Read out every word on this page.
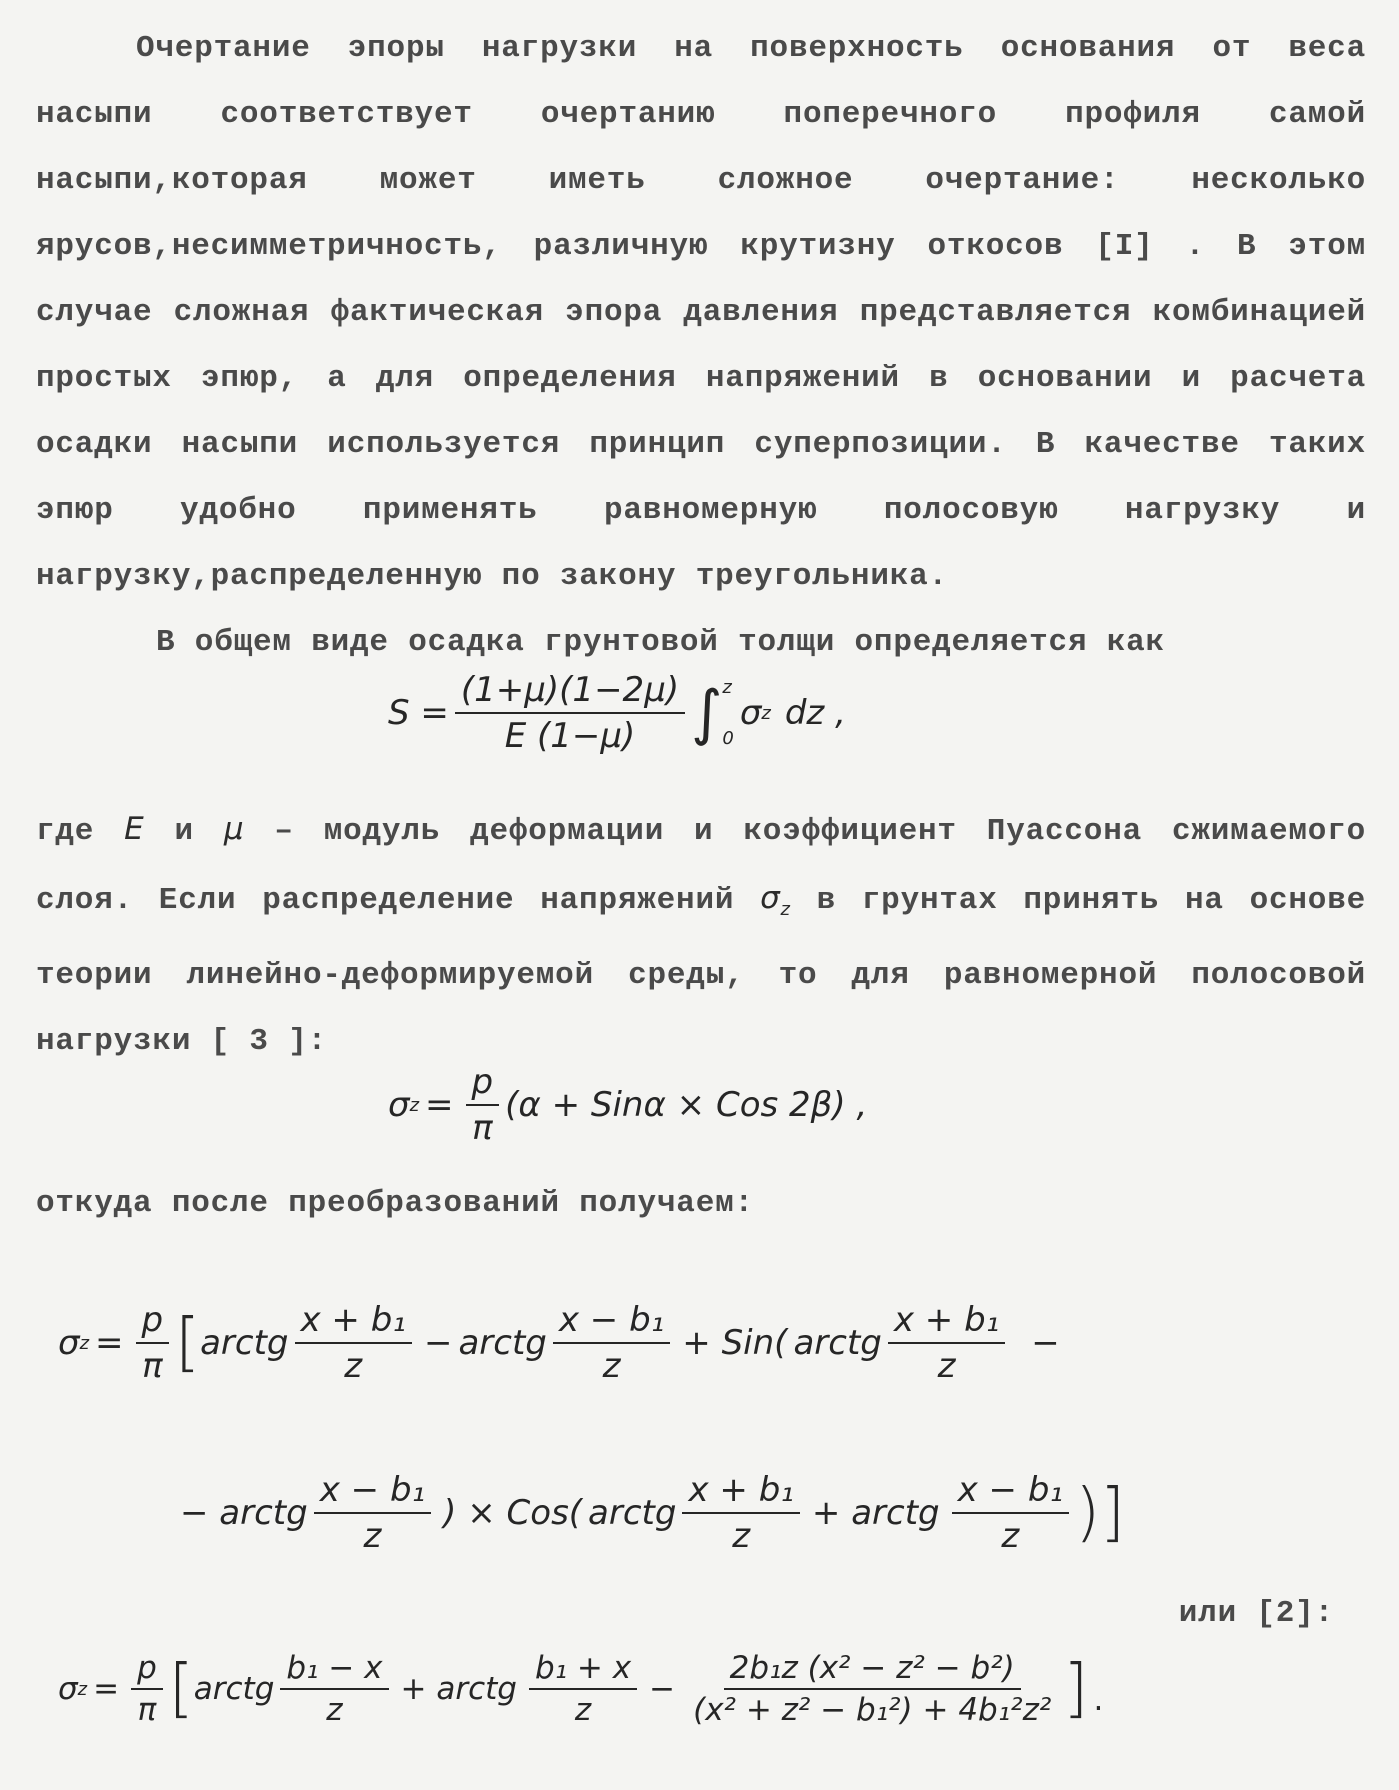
Очертание эпоры нагрузки на поверхность основания от веса насыпи соответствует очертанию поперечного профиля самой насыпи,которая может иметь сложное очертание: несколько ярусов,несимметричность, различную крутизну откосов [I] . В этом случае сложная фактическая эпора давления представляется комбинацией простых эпюр, а для определения напряжений в основании и расчета осадки насыпи используется принцип суперпозиции. В качестве таких эпюр удобно применять равномерную полосовую нагрузку и нагрузку,распределенную по закону треугольника.
В общем виде осадка грунтовой толщи определяется как
$S = \frac{(1+\mu)(1-2\mu)}{E (1-\mu)}$ ∫ z
0
σ z dz ,
где E и μ – модуль деформации и коэффициент Пуассона сжимаемого слоя. Если распределение напряжений $\sigma_z$ в грунтах принять на основе теории линейно-деформируемой среды, то для равномерной полосовой нагрузки [ 3 ]:
σ $z = \frac{p}{\pi} (\alpha + Sin\alpha$ × Cos 2β) ,
откуда после преобразований получаем:
σ $z = \frac{p}{\pi}$ [ arctg $\frac{\text{x + b₁}}{z}$ − arctg $\frac{\text{x − b₁}}{z} + Sin$( arctg $\frac{\text{x + b₁}}{z}$ −
− arctg $\frac{\text{x − b₁}}{z}$ ) × Cos( arctg $\frac{\text{x + b₁}}{z}$ + arctg $\frac{\text{x − b₁}}{z}$ )]
или [2]:
σ $z = \frac{p}{\pi}$ [ arctg $\frac{\text{b₁ − x}}{z}$ + arctg $\frac{\text{b₁ + x}}{z} - \frac{\text{2b₁z (x² − z² − b²)}}{\text{(x² + z² − b₁²) + 4b₁²z²}}$ ].
